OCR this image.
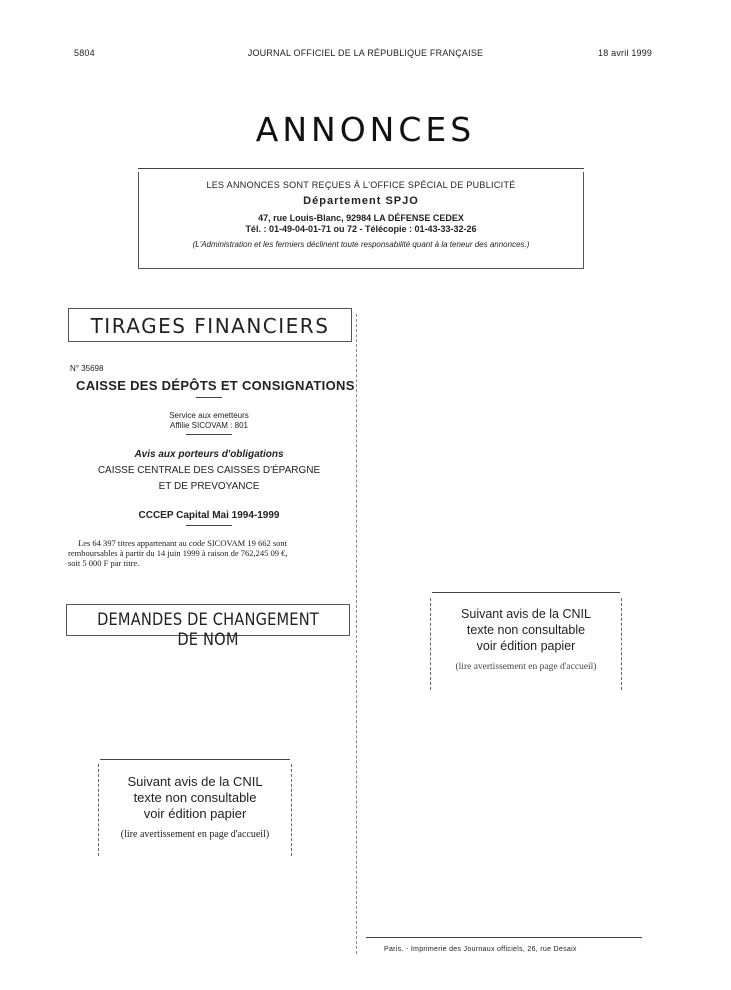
5804	JOURNAL OFFICIEL DE LA RÉPUBLIQUE FRANÇAISE	18 avril 1999
ANNONCES
LES ANNONCES SONT REÇUES À L'OFFICE SPÉCIAL DE PUBLICITÉ
Département SPJO
47, rue Louis-Blanc, 92984 LA DÉFENSE CEDEX
Tél. : 01-49-04-01-71 ou 72 - Télécopie : 01-43-33-32-26
(L'Administration et les fermiers déclinent toute responsabilité quant à la teneur des annonces.)
TIRAGES FINANCIERS
N° 35698
CAISSE DES DÉPÔTS ET CONSIGNATIONS
Service aux emetteurs
Affilie SICOVAM : 801
Avis aux porteurs d'obligations
CAISSE CENTRALE DES CAISSES D'ÉPARGNE
ET DE PREVOYANCE
CCCEP Capital Mai 1994-1999
Les 64 397 titres appartenant au code SICOVAM 19 662 sont
remboursables à partir du 14 juin 1999 à raison de 762,245 09 €,
soit 5 000 F par titre.
DEMANDES DE CHANGEMENT DE NOM
Suivant avis de la CNIL
texte non consultable
voir édition papier
(lire avertissement en page d'accueil)
Suivant avis de la CNIL
texte non consultable
voir édition papier
(lire avertissement en page d'accueil)
Paris. - Imprimerie des Journaux officiels, 26, rue Desaix
